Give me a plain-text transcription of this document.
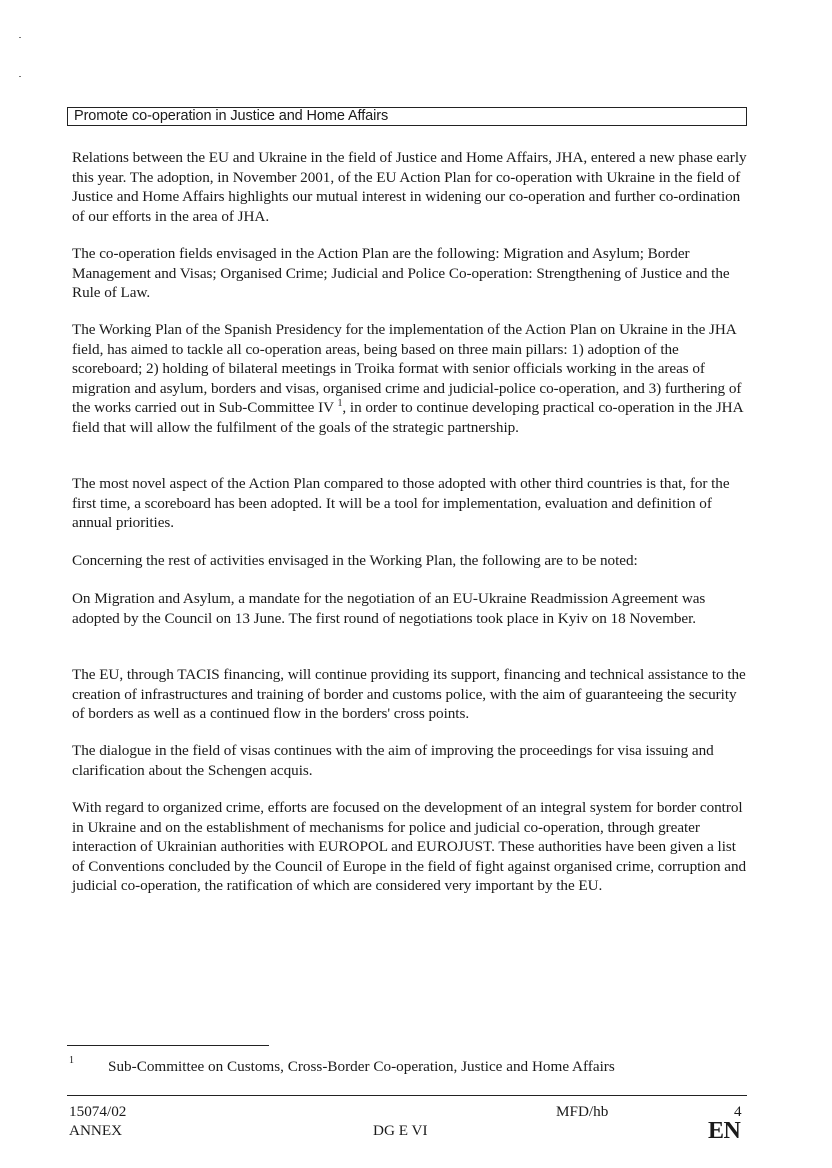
Promote co-operation in Justice and Home Affairs

Relations between the EU and Ukraine in the field of Justice and Home Affairs, JHA, entered a new phase early this year. The adoption, in November 2001, of the EU Action Plan for co-operation with Ukraine in the field of Justice and Home Affairs highlights our mutual interest in widening our co-operation and further co-ordination of our efforts in the area of JHA.

The co-operation fields envisaged in the Action Plan are the following: Migration and Asylum; Border Management and Visas; Organised Crime; Judicial and Police Co-operation: Strengthening of Justice and the Rule of Law.

The Working Plan of the Spanish Presidency for the implementation of the Action Plan on Ukraine in the JHA field, has aimed to tackle all co-operation areas, being based on three main pillars: 1) adoption of the scoreboard; 2) holding of bilateral meetings in Troika format with senior officials working in the areas of migration and asylum, borders and visas, organised crime and judicial-police co-operation, and 3) furthering of the works carried out in Sub-Committee IV $^1$, in order to continue developing practical co-operation in the JHA field that will allow the fulfilment of the goals of the strategic partnership.

The most novel aspect of the Action Plan compared to those adopted with other third countries is that, for the first time, a scoreboard has been adopted. It will be a tool for implementation, evaluation and definition of annual priorities.

Concerning the rest of activities envisaged in the Working Plan, the following are to be noted:

On Migration and Asylum, a mandate for the negotiation of an EU-Ukraine Readmission Agreement was adopted by the Council on 13 June. The first round of negotiations took place in Kyiv on 18 November.

The EU, through TACIS financing, will continue providing its support, financing and technical assistance to the creation of infrastructures and training of border and customs police, with the aim of guaranteeing the security of borders as well as a continued flow in the borders' cross points.

The dialogue in the field of visas continues with the aim of improving the proceedings for visa issuing and clarification about the Schengen acquis.

With regard to organized crime, efforts are focused on the development of an integral system for border control in Ukraine and on the establishment of mechanisms for police and judicial co-operation, through greater interaction of Ukrainian authorities with EUROPOL and EUROJUST. These authorities have been given a list of Conventions concluded by the Council of Europe in the field of fight against organised crime, corruption and judicial co-operation, the ratification of which are considered very important by the EU.

1 Sub-Committee on Customs, Cross-Border Co-operation, Justice and Home Affairs
15074/02
ANNEX	DG E VI
MFD/hb	4
EN
